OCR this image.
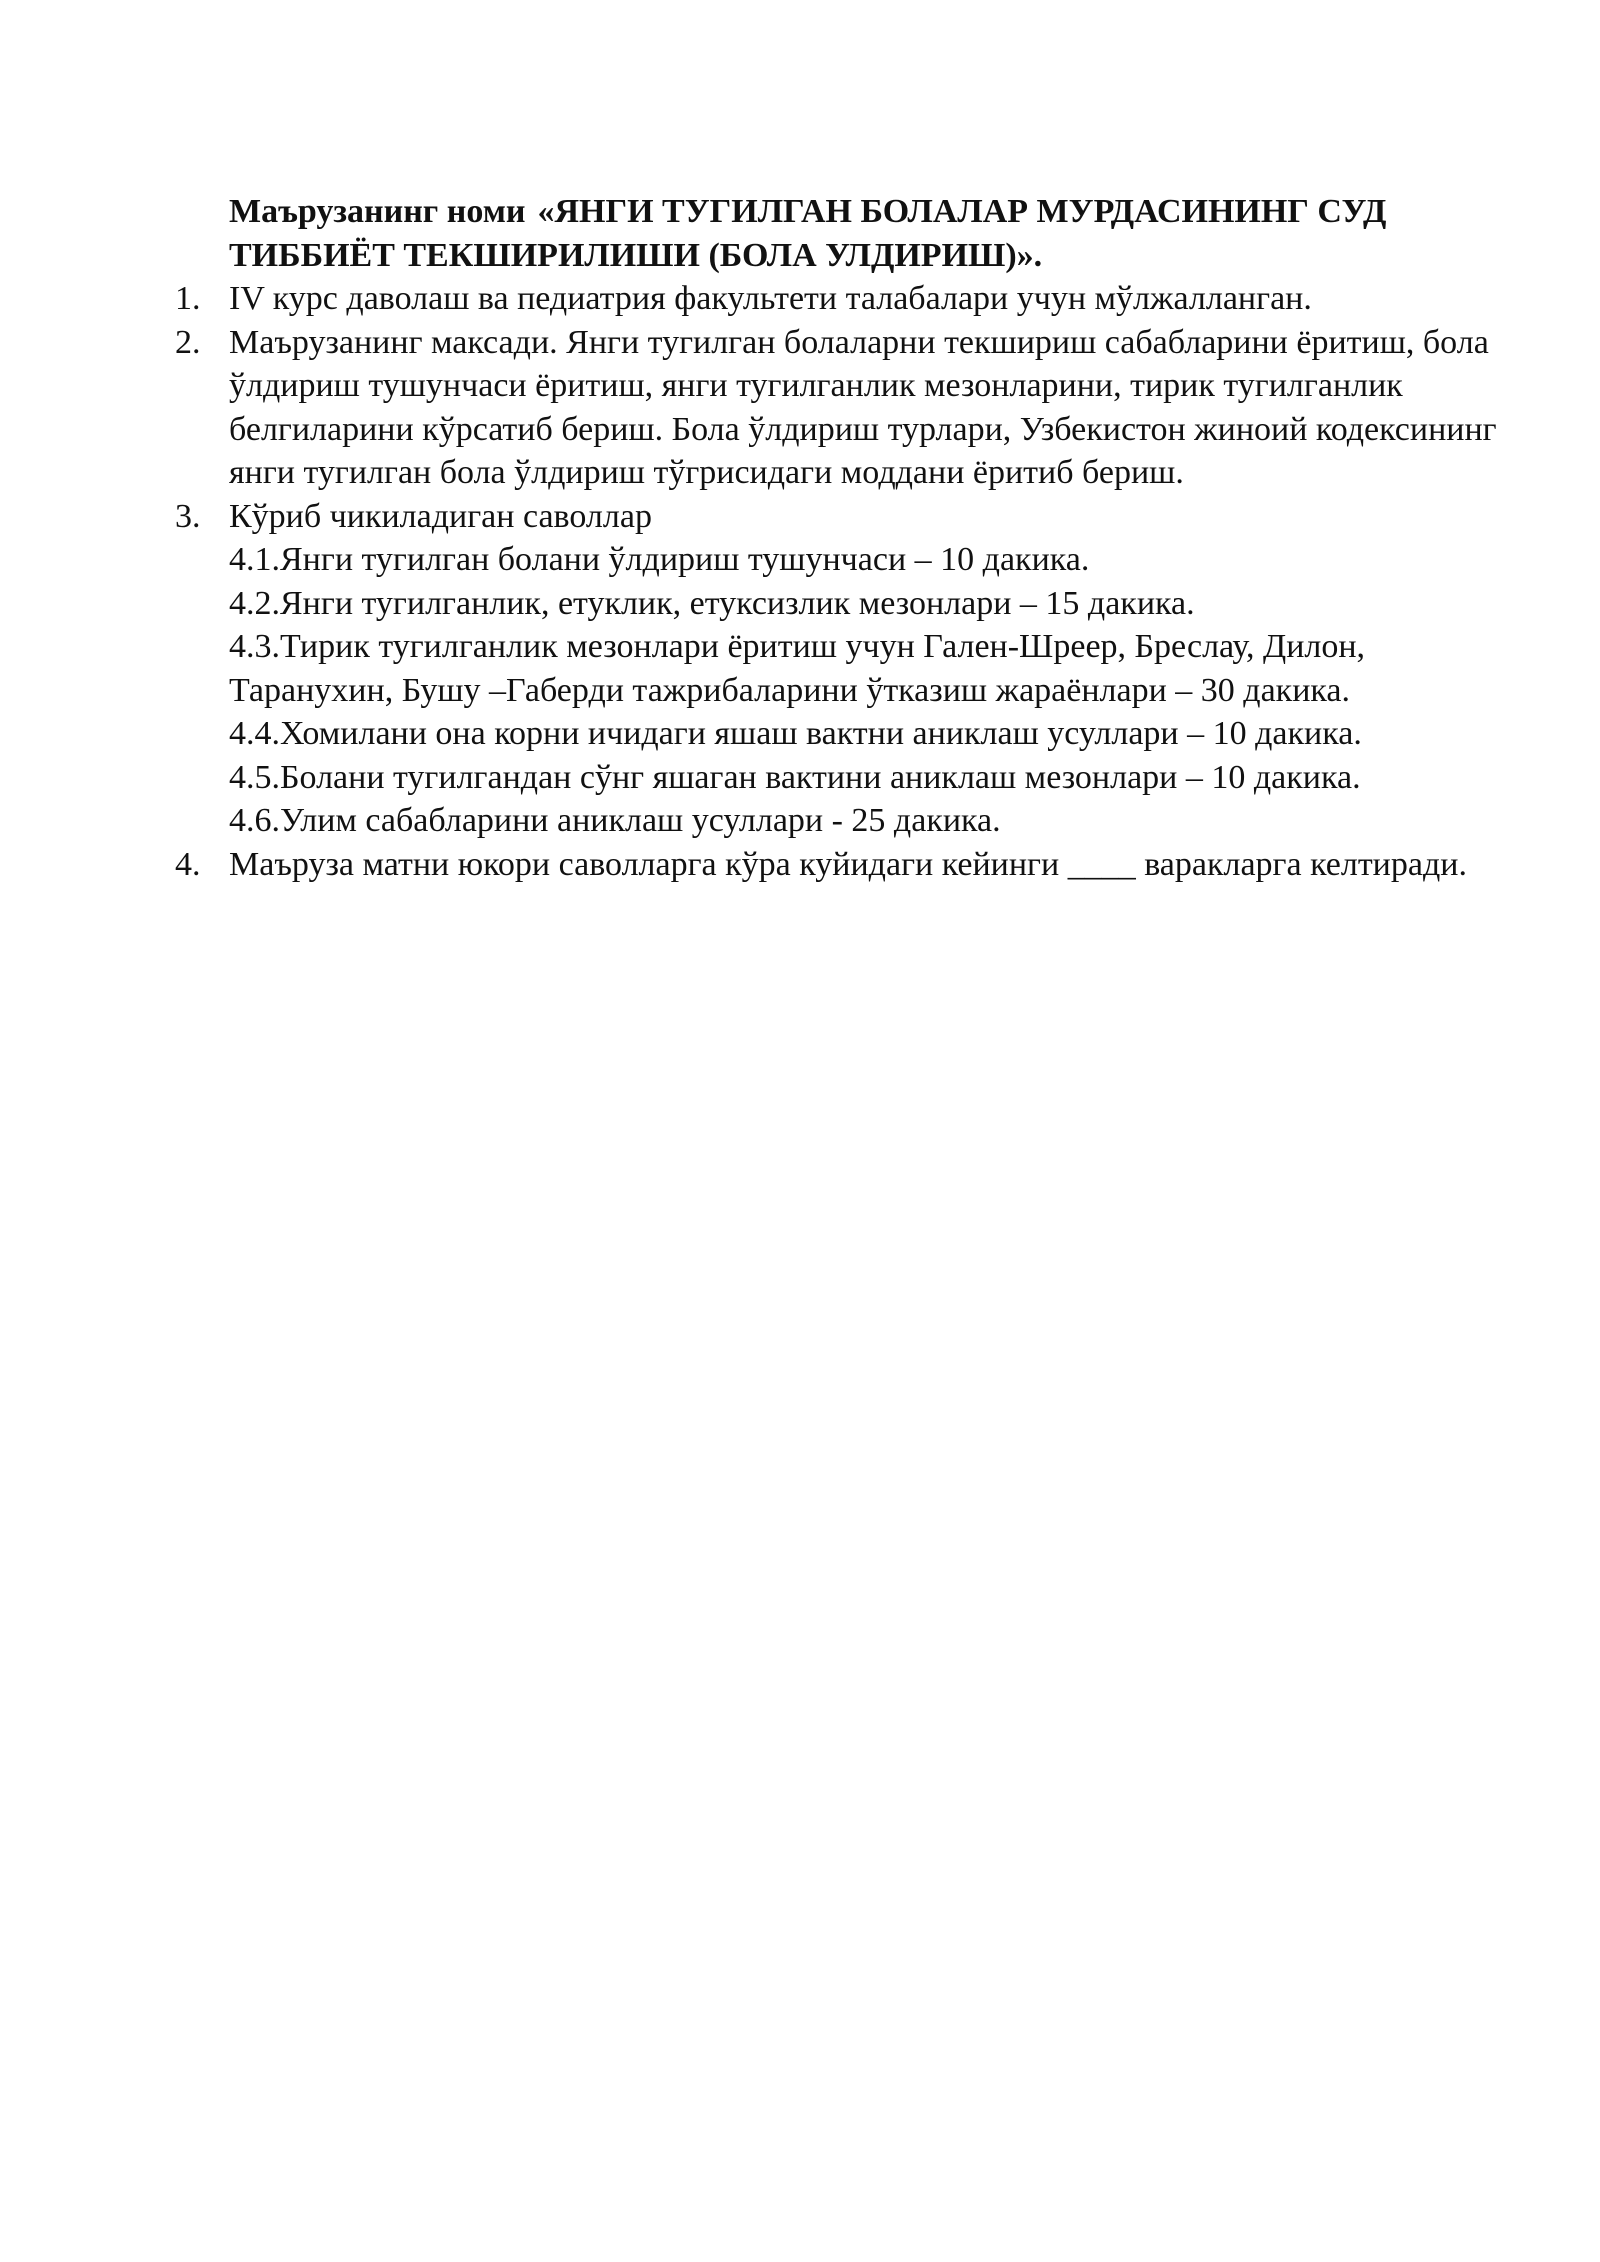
Маърузанинг номи «ЯНГИ ТУГИЛГАН БОЛАЛАР МУРДАСИНИНГ СУД ТИББИЁТ ТЕКШИРИЛИШИ (БОЛА УЛДИРИШ)».

1. IV курс даволаш ва педиатрия факультети талабалари учун мўлжалланган.
2. Маърузанинг максади. Янги тугилган болаларни текшириш сабабларини ёритиш, бола ўлдириш тушунчаси ёритиш, янги тугилганлик мезонларини, тирик тугилганлик белгиларини кўрсатиб бериш. Бола ўлдириш турлари, Узбекистон жиноий кодексининг янги тугилган бола ўлдириш тўгрисидаги моддани ёритиб бериш.
3. Кўриб чикиладиган саволлар
4.1.Янги тугилган болани ўлдириш тушунчаси – 10 дакика.
4.2.Янги тугилганлик, етуклик, етуксизлик мезонлари – 15 дакика.
4.3.Тирик тугилганлик мезонлари ёритиш учун Гален-Шреер, Бреслау, Дилон, Таранухин, Бушу –Габерди тажрибаларини ўтказиш жараёнлари – 30 дакика.
4.4.Хомилани она корни ичидаги яшаш вактни аниклаш усуллари – 10 дакика.
4.5.Болани тугилгандан сўнг яшаган вактини аниклаш мезонлари – 10 дакика.
4.6.Улим сабабларини аниклаш усуллари - 25 дакика.
4. Маъруза матни юкори саволларга кўра куйидаги кейинги ____ варакларга келтиради.
